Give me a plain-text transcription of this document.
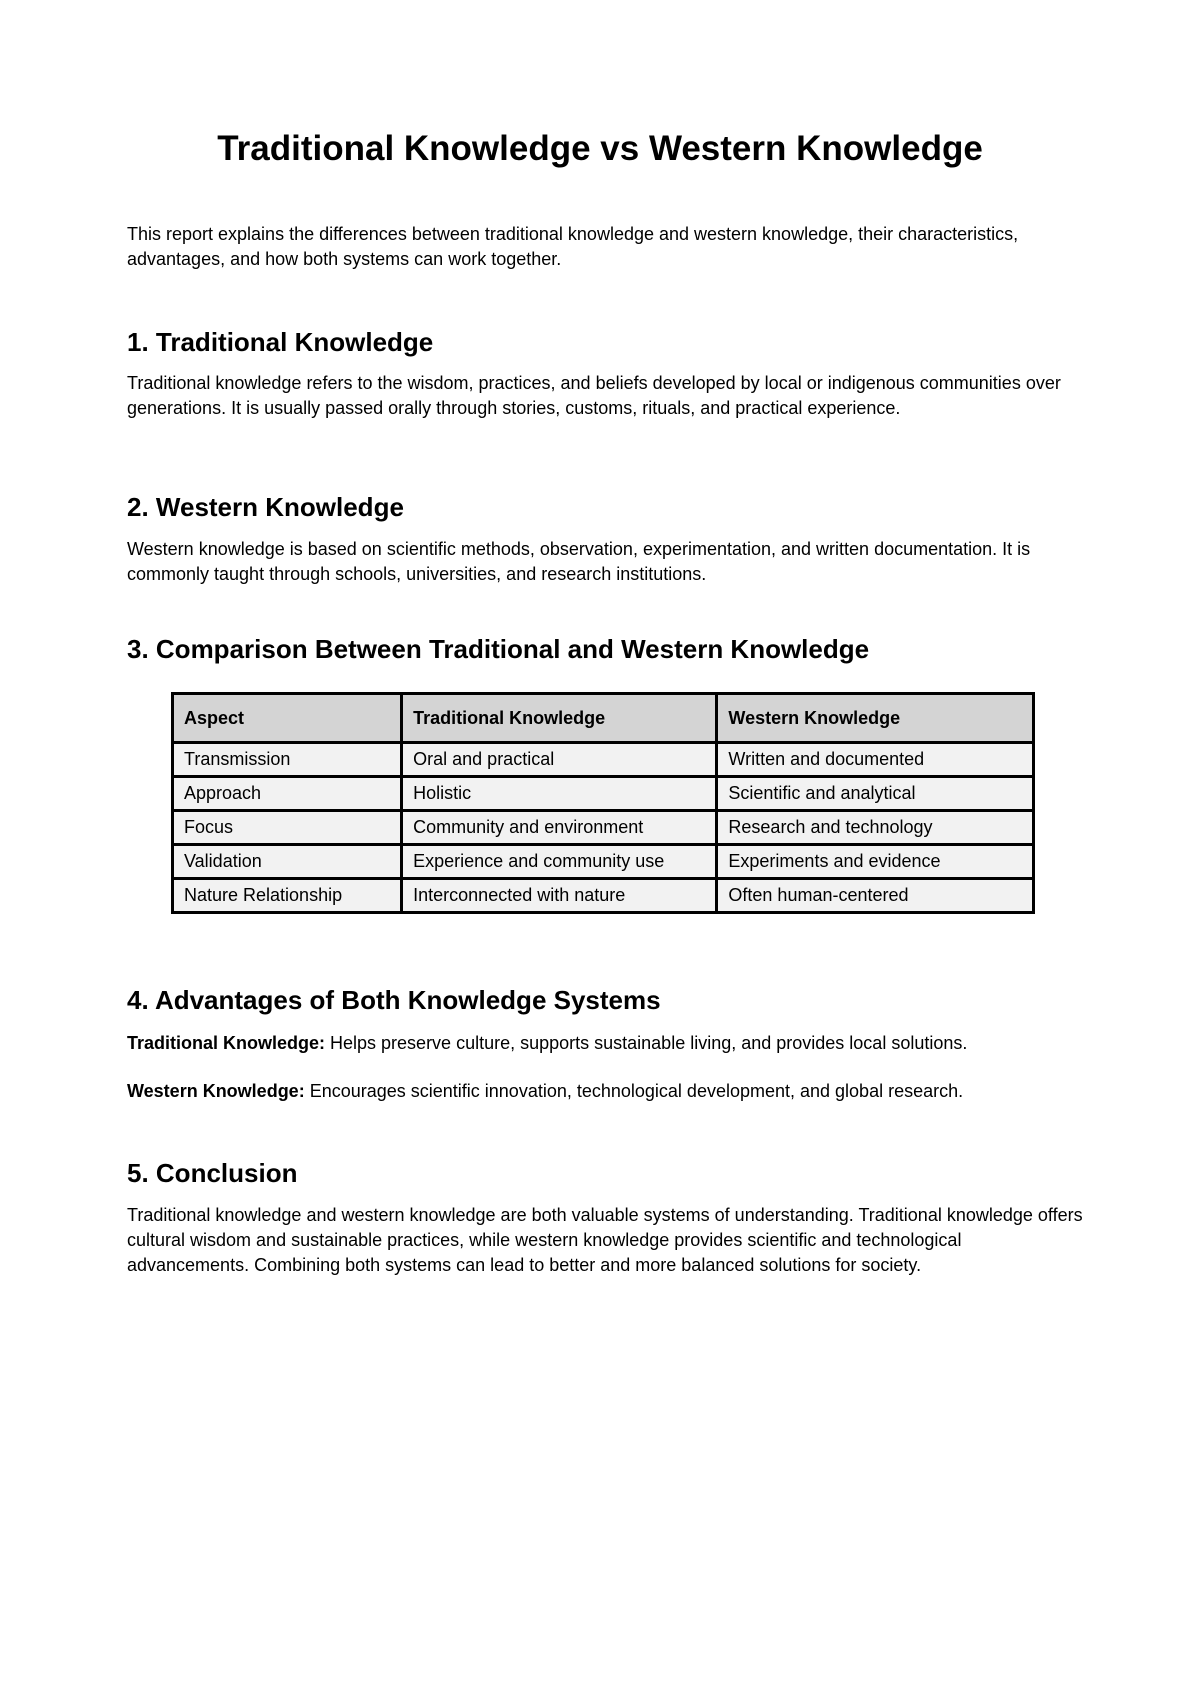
Traditional Knowledge vs Western Knowledge

This report explains the differences between traditional knowledge and western knowledge, their characteristics, advantages, and how both systems can work together.

1. Traditional Knowledge

Traditional knowledge refers to the wisdom, practices, and beliefs developed by local or indigenous communities over generations. It is usually passed orally through stories, customs, rituals, and practical experience.

2. Western Knowledge

Western knowledge is based on scientific methods, observation, experimentation, and written documentation. It is commonly taught through schools, universities, and research institutions.

3. Comparison Between Traditional and Western Knowledge
Aspect	Traditional Knowledge	Western Knowledge
Transmission	Oral and practical	Written and documented
Approach	Holistic	Scientific and analytical
Focus	Community and environment	Research and technology
Validation	Experience and community use	Experiments and evidence
Nature Relationship	Interconnected with nature	Often human-centered
4. Advantages of Both Knowledge Systems

Traditional Knowledge: Helps preserve culture, supports sustainable living, and provides local solutions.

Western Knowledge: Encourages scientific innovation, technological development, and global research.

5. Conclusion

Traditional knowledge and western knowledge are both valuable systems of understanding. Traditional knowledge offers cultural wisdom and sustainable practices, while western knowledge provides scientific and technological advancements. Combining both systems can lead to better and more balanced solutions for society.
